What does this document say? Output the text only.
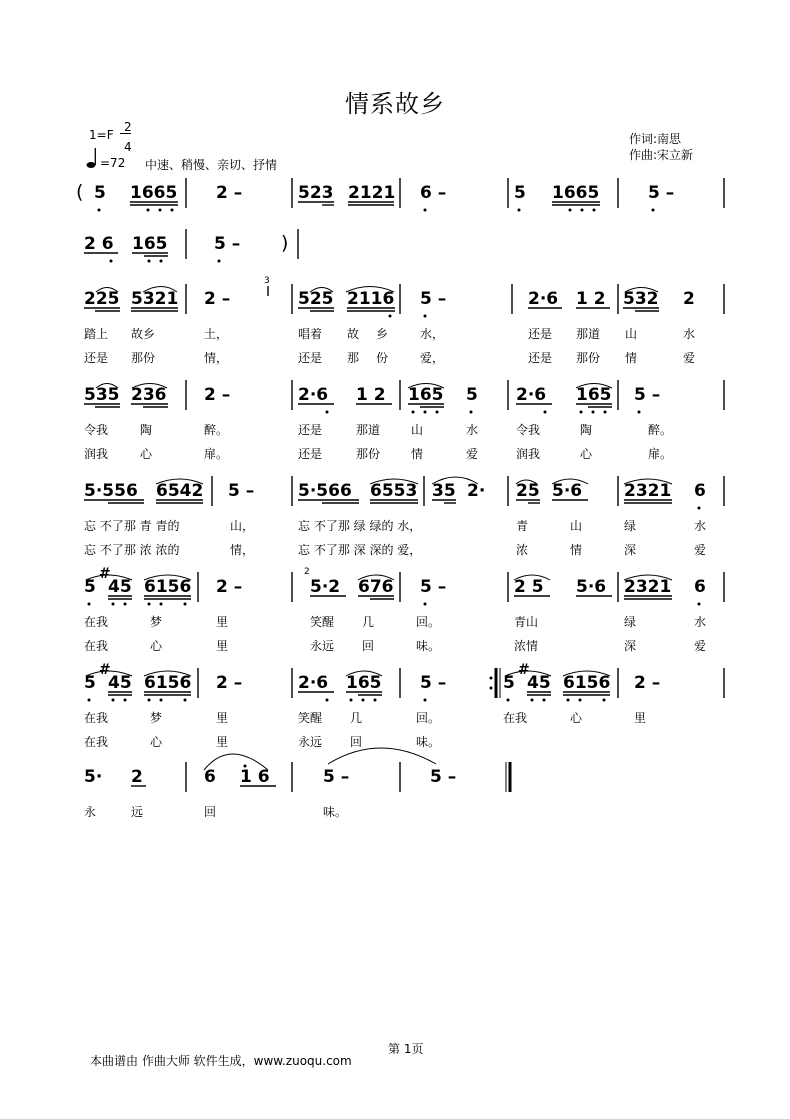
情系故乡
1=F
2
4
=72 中速、稍慢、亲切、抒情
作词:南思
作曲:宋立新
( 5 1665 2 –	523 2121 6 –	5 1665	5 –
2 6 165	5 – )
225 5321 2 –
3
525 2116 5 –	2·6 1 2 532 2
踏上 故乡	土，	唱着 故 乡	水，	还是 那道 山	水
还是 那份	情，	还是 那 份	爱，	还是 那份 情	爱
535 236 2 –	2·6 1 2 165 5 2·6 165 5 –
令我	陶	醉。	还是	那道	山	水	令我	陶	醉。
润我	心	扉。	还是	那份	情	爱	润我	心	扉。
5·556 6542 5 –	5·566 6553 35 2· 25 5·6 2321 6
忘 不了那 青 青的	山，	忘 不了那 绿 绿的 水，	青	山	绿	水
忘 不了那 浓 浓的	情，	忘 不了那 深 深的 爱，	浓	情	深	爱
5
#
45 6156 2 –
2
5·2 676 5 –	2 5 5·6 2321 6
在我	梦	里	笑醒 几	回。	青山	绿	水
在我	心	里	永远 回	味。	浓情	深	爱
5
#
45 6156 2 –	2·6 165 5 –	5
#
45 6156 2 –
在我	梦	里	笑醒 几	回。	在我	心	里
在我	心	里	永远 回	味。
5· 2	6 1 6	5 –	5 –
永	远	回	味。
第 1页
本曲谱由 作曲大师 软件生成，www.zuoqu.com
